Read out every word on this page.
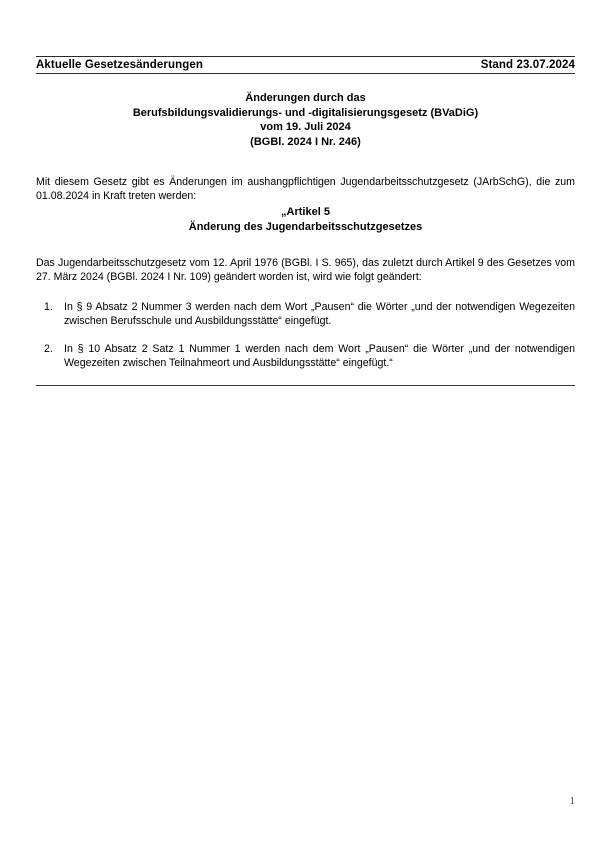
Aktuelle Gesetzesänderungen	Stand 23.07.2024
Änderungen durch das
Berufsbildungsvalidierungs- und -digitalisierungsgesetz (BVaDiG)
vom 19. Juli 2024
(BGBl. 2024 I Nr. 246)

Mit diesem Gesetz gibt es Änderungen im aushangpflichtigen Jugendarbeitsschutzgesetz (JArbSchG), die zum 01.08.2024 in Kraft treten werden:

„Artikel 5
Änderung des Jugendarbeitsschutzgesetzes

Das Jugendarbeitsschutzgesetz vom 12. April 1976 (BGBl. I S. 965), das zuletzt durch Artikel 9 des Gesetzes vom 27. März 2024 (BGBl. 2024 I Nr. 109) geändert worden ist, wird wie folgt geändert:

1.	In § 9 Absatz 2 Nummer 3 werden nach dem Wort „Pausen“ die Wörter „und der notwendigen Wegezeiten zwischen Berufsschule und Ausbildungsstätte“ eingefügt.
2.	In § 10 Absatz 2 Satz 1 Nummer 1 werden nach dem Wort „Pausen“ die Wörter „und der notwendigen Wegezeiten zwischen Teilnahmeort und Ausbildungsstätte“ eingefügt.“
1
